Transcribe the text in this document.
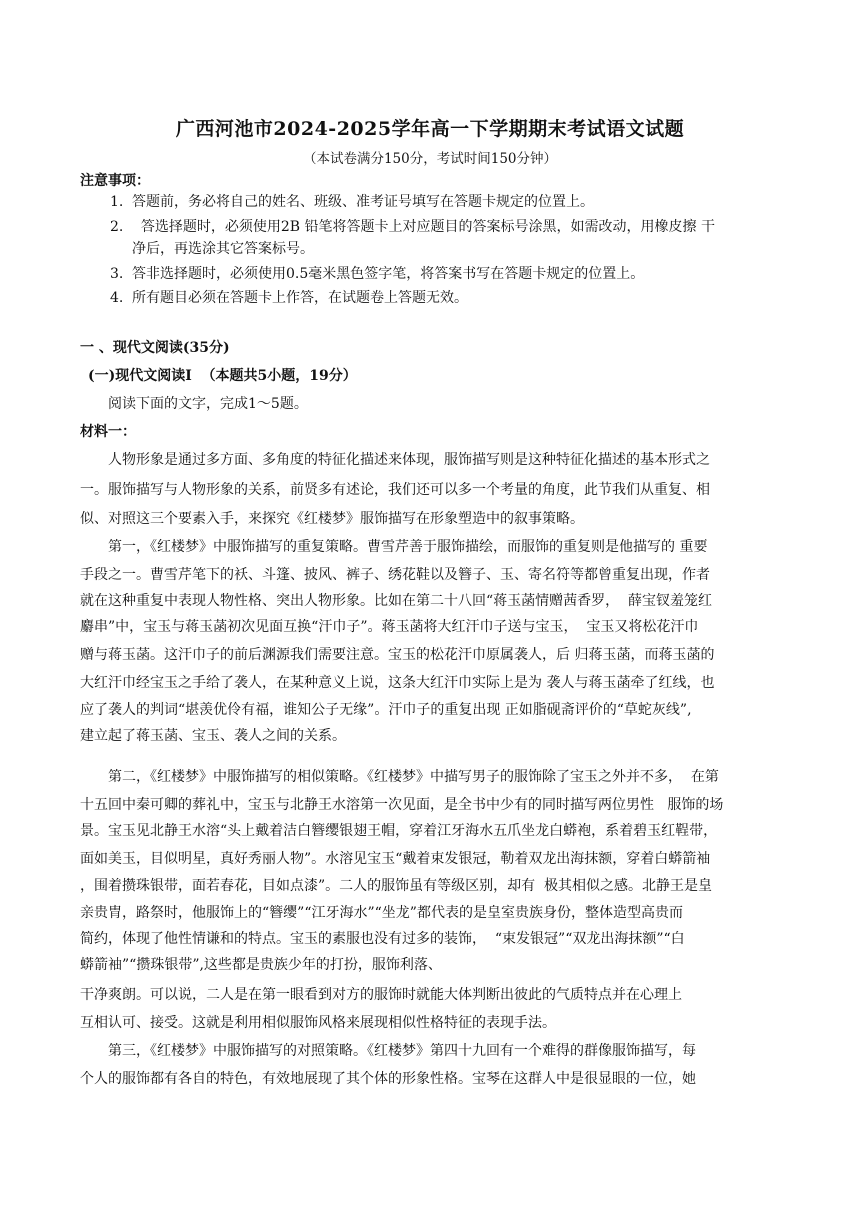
广西河池市2024-2025学年高一下学期期末考试语文试题
（本试卷满分150分，考试时间150分钟）
注意事项：
1. 答题前，务必将自己的姓名、班级、准考证号填写在答题卡规定的位置上。
2.  答选择题时，必须使用2B 铅笔将答题卡上对应题目的答案标号涂黑，如需改动，用橡皮擦 干
净后，再选涂其它答案标号。
3. 答非选择题时，必须使用0.5毫米黑色签字笔，将答案书写在答题卡规定的位置上。
4. 所有题目必须在答题卡上作答，在试题卷上答题无效。
一 、现代文阅读(35分)
(一)现代文阅读I  （本题共5小题，19分）
阅读下面的文字，完成1～5题。
材料一：
人物形象是通过多方面、多角度的特征化描述来体现，服饰描写则是这种特征化描述的基本形式之
一。服饰描写与人物形象的关系，前贤多有述论，我们还可以多一个考量的角度，此节我们从重复、相
似、对照这三个要素入手，来探究《红楼梦》服饰描写在形象塑造中的叙事策略。
第一，《红楼梦》中服饰描写的重复策略。曹雪芹善于服饰描绘，而服饰的重复则是他描写的 重要
手段之一。曹雪芹笔下的袄、斗篷、披风、裤子、绣花鞋以及簪子、玉、寄名符等都曾重复出现，作者
就在这种重复中表现人物性格、突出人物形象。比如在第二十八回“蒋玉菡情赠茜香罗，  薛宝钗羞笼红
麝串”中，宝玉与蒋玉菡初次见面互换“汗巾子”。蒋玉菡将大红汗巾子送与宝玉，  宝玉又将松花汗巾
赠与蒋玉菡。这汗巾子的前后渊源我们需要注意。宝玉的松花汗巾原属袭人，后 归蒋玉菡，而蒋玉菡的
大红汗巾经宝玉之手给了袭人，在某种意义上说，这条大红汗巾实际上是为 袭人与蒋玉菡牵了红线，也
应了袭人的判词“堪羡优伶有福，谁知公子无缘”。汗巾子的重复出现 正如脂砚斋评价的“草蛇灰线”,
建立起了蒋玉菡、宝玉、袭人之间的关系。
第二，《红楼梦》中服饰描写的相似策略。《红楼梦》中描写男子的服饰除了宝玉之外并不多，  在第
十五回中秦可卿的葬礼中，宝玉与北静王水溶第一次见面，是全书中少有的同时描写两位男性   服饰的场
景。宝玉见北静王水溶“头上戴着洁白簪缨银翅王帽，穿着江牙海水五爪坐龙白蟒袍，系着碧玉红鞓带，
面如美玉，目似明星，真好秀丽人物”。水溶见宝玉“戴着束发银冠，勒着双龙出海抹额，穿着白蟒箭袖
，围着攒珠银带，面若春花，目如点漆”。二人的服饰虽有等级区别，却有  极其相似之感。北静王是皇
亲贵胄，路祭时，他服饰上的“簪缨”“江牙海水”“坐龙”都代表的是皇室贵族身份，整体造型高贵而
简约，体现了他性情谦和的特点。宝玉的素服也没有过多的装饰，  “束发银冠”“双龙出海抹额”“白
蟒箭袖”“攒珠银带”,这些都是贵族少年的打扮，服饰利落、
干净爽朗。可以说，二人是在第一眼看到对方的服饰时就能大体判断出彼此的气质特点并在心理上
互相认可、接受。这就是利用相似服饰风格来展现相似性格特征的表现手法。
第三，《红楼梦》中服饰描写的对照策略。《红楼梦》第四十九回有一个难得的群像服饰描写，每
个人的服饰都有各自的特色，有效地展现了其个体的形象性格。宝琴在这群人中是很显眼的一位，她
